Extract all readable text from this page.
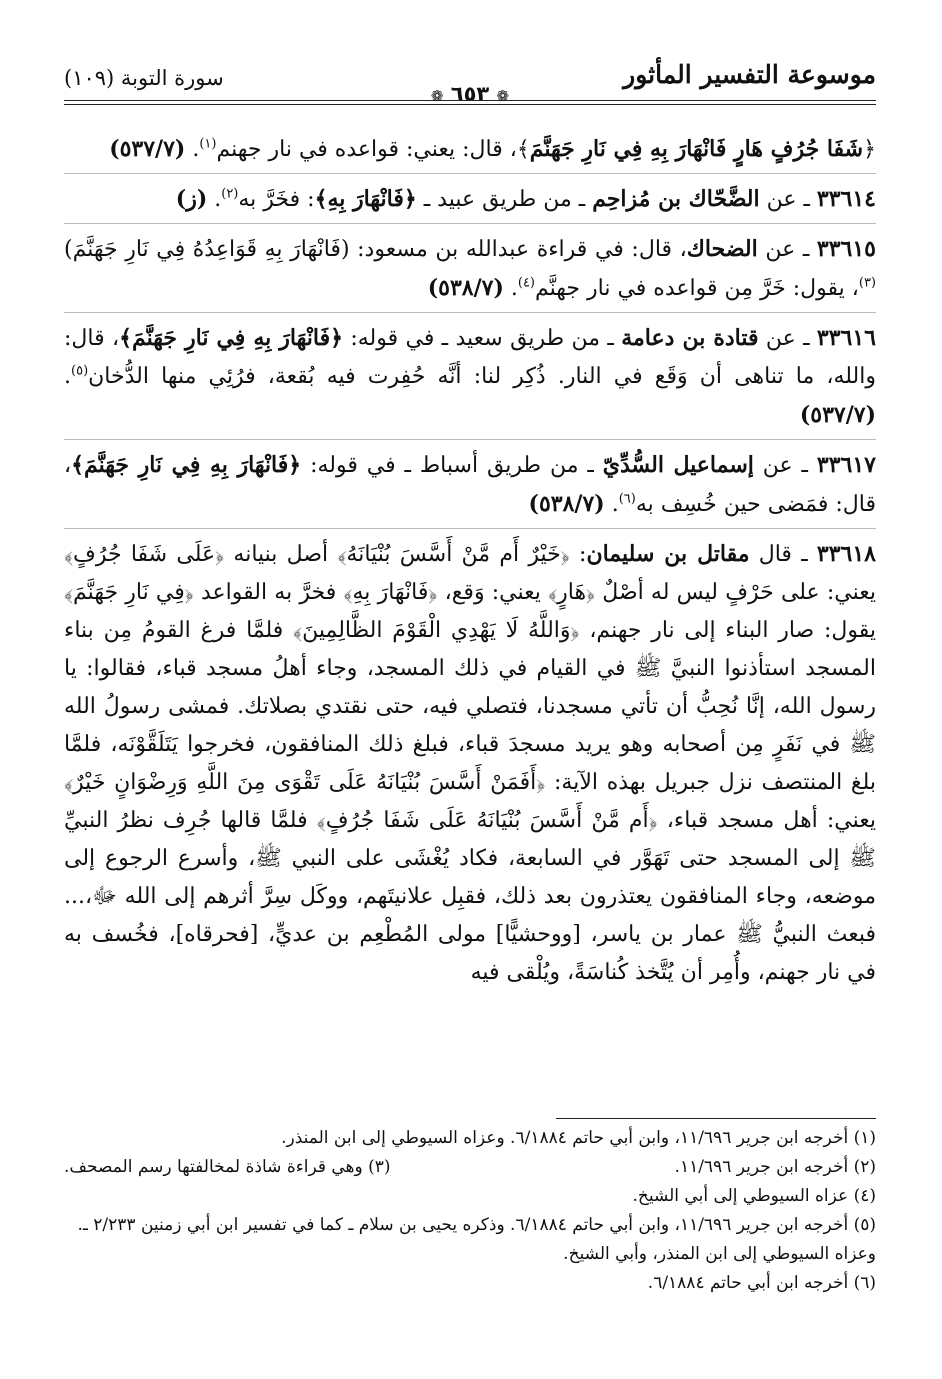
موسوعة التفسير المأثور
❁ ٦٥٣ ❁
سورة التوبة (١٠٩)

﴿شَفَا جُرُفٍ هَارٍ فَانْهَارَ بِهِ فِي نَارِ جَهَنَّمَ﴾، قال: يعني: قواعده في نار جهنم$^{(١)}$. (٥٣٧/٧)

٣٣٦١٤ ـ عن الضَّحّاك بن مُزاحِم ـ من طريق عبيد ـ ﴿فَانْهَارَ بِهِ﴾: فخَرَّ به$^{(٢)}$. (ز)

٣٣٦١٥ ـ عن الضحاك، قال: في قراءة عبدالله بن مسعود: (فَانْهَارَ بِهِ قَوَاعِدُهُ فِي نَارِ جَهَنَّمَ)$^{(٣)}$، يقول: خَرَّ مِن قواعده في نار جهنَّم$^{(٤)}$. (٥٣٨/٧)

٣٣٦١٦ ـ عن قتادة بن دعامة ـ من طريق سعيد ـ في قوله: ﴿فَانْهَارَ بِهِ فِي نَارِ جَهَنَّمَ﴾، قال: والله، ما تناهى أن وَقَع في النار. ذُكِر لنا: أنَّه حُفِرت فيه بُقعة، فرُئِي منها الدُّخان$^{(٥)}$. (٥٣٧/٧)

٣٣٦١٧ ـ عن إسماعيل السُّدِّيّ ـ من طريق أسباط ـ في قوله: ﴿فَانْهَارَ بِهِ فِي نَارِ جَهَنَّمَ﴾، قال: فمَضى حين خُسِف به$^{(٦)}$. (٥٣٨/٧)

٣٣٦١٨ ـ قال مقاتل بن سليمان: ﴿خَيْرٌ أَم مَّنْ أَسَّسَ بُنْيَانَهُ﴾ أصل بنيانه ﴿عَلَى شَفَا جُرُفٍ﴾ يعني: على حَرْفٍ ليس له أصْلٌ ﴿هَارٍ﴾ يعني: وَقع، ﴿فَانْهَارَ بِهِ﴾ فخرَّ به القواعد ﴿فِي نَارِ جَهَنَّمَ﴾ يقول: صار البناء إلى نار جهنم، ﴿وَاللَّهُ لَا يَهْدِي الْقَوْمَ الظَّالِمِينَ﴾ فلمَّا فرغ القومُ مِن بناء المسجد استأذنوا النبيَّ ﷺ في القيام في ذلك المسجد، وجاء أهلُ مسجد قباء، فقالوا: يا رسول الله، إنَّا نُحِبُّ أن تأتي مسجدنا، فتصلي فيه، حتى نقتدي بصلاتك. فمشى رسولُ الله ﷺ في نَفَرٍ مِن أصحابه وهو يريد مسجدَ قباء، فبلغ ذلك المنافقون، فخرجوا يَتَلَقَّوْنَه، فلمَّا بلغ المنتصف نزل جبريل بهذه الآية: ﴿أَفَمَنْ أَسَّسَ بُنْيَانَهُ عَلَى تَقْوَى مِنَ اللَّهِ وَرِضْوَانٍ خَيْرٌ﴾ يعني: أهل مسجد قباء، ﴿أَم مَّنْ أَسَّسَ بُنْيَانَهُ عَلَى شَفَا جُرُفٍ﴾ فلمَّا قالها جُرِف نظرُ النبيِّ ﷺ إلى المسجد حتى تَهَوَّر في السابعة، فكاد يُغْشَى على النبي ﷺ، وأسرع الرجوع إلى موضعه، وجاء المنافقون يعتذرون بعد ذلك، فقبِل علانيتَهم، ووكَل سِرَّ أثرهم إلى الله ﷻ،... فبعث النبيُّ ﷺ عمار بن ياسر، [ووحشيًّا] مولى المُطْعِم بن عديٍّ، [فحرقاه]، فخُسف به في نار جهنم، وأُمِر أن يُتَّخذ كُناسَةً، ويُلْقى فيه

(١) أخرجه ابن جرير ١١/٦٩٦، وابن أبي حاتم ٦/١٨٨٤. وعزاه السيوطي إلى ابن المنذر.

(٢) أخرجه ابن جرير ١١/٦٩٦.
(٣) وهي قراءة شاذة لمخالفتها رسم المصحف.

(٤) عزاه السيوطي إلى أبي الشيخ.

(٥) أخرجه ابن جرير ١١/٦٩٦، وابن أبي حاتم ٦/١٨٨٤. وذكره يحيى بن سلام ـ كما في تفسير ابن أبي زمنين ٢/٢٣٣ ـ. وعزاه السيوطي إلى ابن المنذر، وأبي الشيخ.

(٦) أخرجه ابن أبي حاتم ٦/١٨٨٤.
